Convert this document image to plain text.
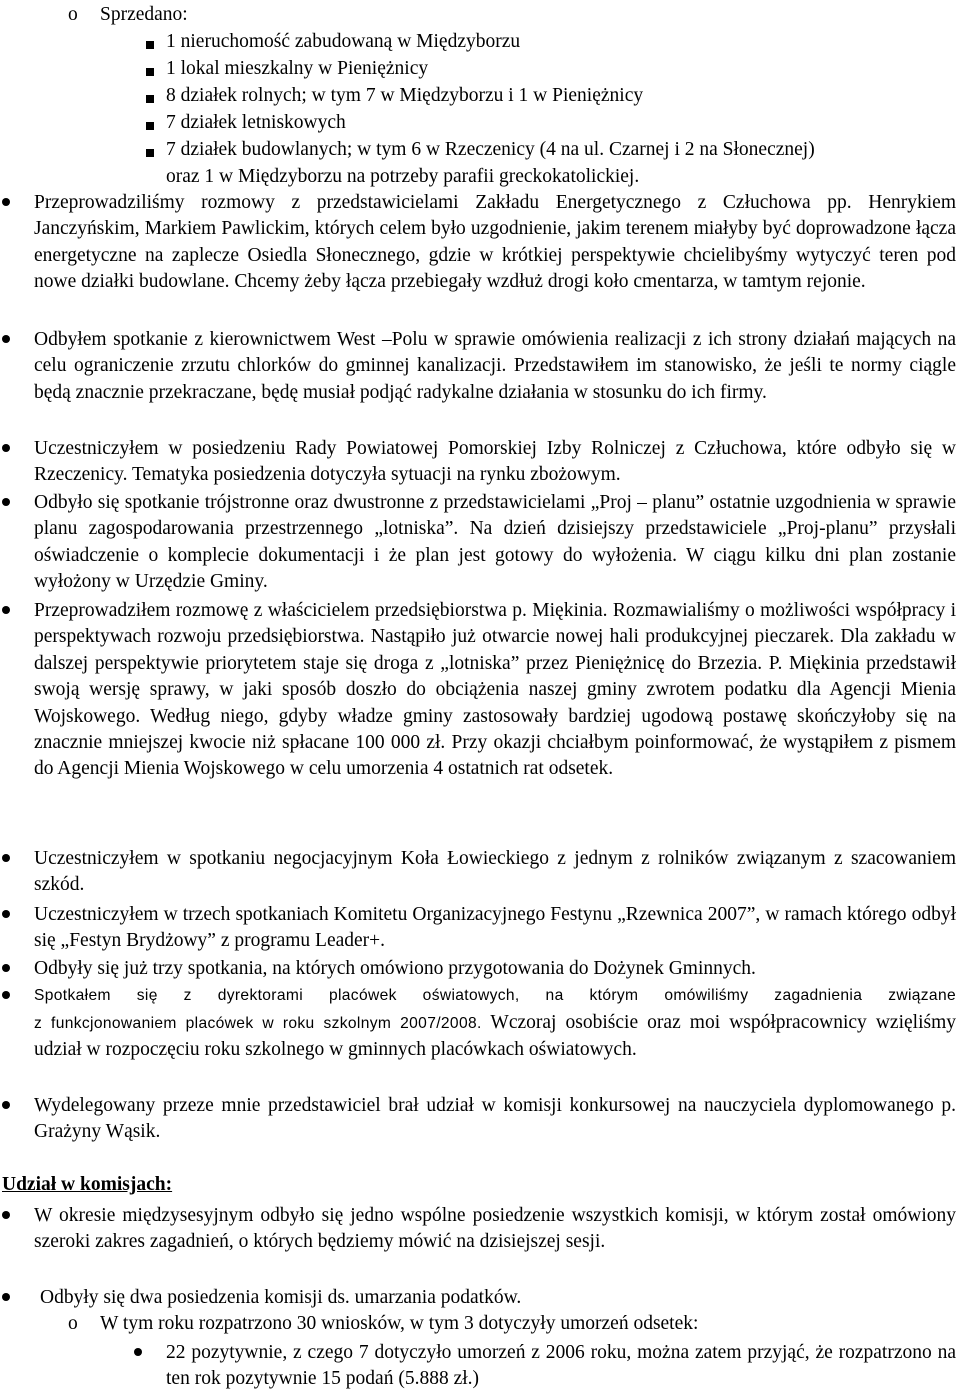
o Sprzedano:
1 nieruchomość zabudowaną w Międzyborzu
1 lokal mieszkalny w Pieniężnicy
8 działek rolnych; w tym 7 w Międzyborzu i 1 w Pieniężnicy
7 działek letniskowych
7 działek budowlanych; w tym 6 w Rzeczenicy (4 na ul. Czarnej i 2 na Słonecznej)
oraz 1 w Międzyborzu na potrzeby parafii greckokatolickiej.

Przeprowadziliśmy rozmowy z przedstawicielami Zakładu Energetycznego z Człuchowa pp. Henrykiem Janczyńskim, Markiem Pawlickim, których celem było uzgodnienie, jakim terenem miałyby być doprowadzone łącza energetyczne na zaplecze Osiedla Słonecznego, gdzie w krótkiej perspektywie chcielibyśmy wytyczyć teren pod nowe działki budowlane. Chcemy żeby łącza przebiegały wzdłuż drogi koło cmentarza, w tamtym rejonie.

Odbyłem spotkanie z kierownictwem West –Polu w sprawie omówienia realizacji z ich strony działań mających na celu ograniczenie zrzutu chlorków do gminnej kanalizacji. Przedstawiłem im stanowisko, że jeśli te normy ciągle będą znacznie przekraczane, będę musiał podjąć radykalne działania w stosunku do ich firmy.

Uczestniczyłem w posiedzeniu Rady Powiatowej Pomorskiej Izby Rolniczej z Człuchowa, które odbyło się w Rzeczenicy. Tematyka posiedzenia dotyczyła sytuacji na rynku zbożowym.

Odbyło się spotkanie trójstronne oraz dwustronne z przedstawicielami „Proj – planu” ostatnie uzgodnienia w sprawie planu zagospodarowania przestrzennego „lotniska”. Na dzień dzisiejszy przedstawiciele „Proj-planu” przysłali oświadczenie o komplecie dokumentacji i że plan jest gotowy do wyłożenia. W ciągu kilku dni plan zostanie wyłożony w Urzędzie Gminy.

Przeprowadziłem rozmowę z właścicielem przedsiębiorstwa p. Miękinia. Rozmawialiśmy o możliwości współpracy i perspektywach rozwoju przedsiębiorstwa. Nastąpiło już otwarcie nowej hali produkcyjnej pieczarek. Dla zakładu w dalszej perspektywie priorytetem staje się droga z „lotniska” przez Pieniężnicę do Brzezia. P. Miękinia przedstawił swoją wersję sprawy, w jaki sposób doszło do obciążenia naszej gminy zwrotem podatku dla Agencji Mienia Wojskowego. Według niego, gdyby władze gminy zastosowały bardziej ugodową postawę skończyłoby się na znacznie mniejszej kwocie niż spłacane 100 000 zł. Przy okazji chciałbym poinformować, że wystąpiłem z pismem do Agencji Mienia Wojskowego w celu umorzenia 4 ostatnich rat odsetek.

Uczestniczyłem w spotkaniu negocjacyjnym Koła Łowieckiego z jednym z rolników związanym z szacowaniem szkód.

Uczestniczyłem w trzech spotkaniach Komitetu Organizacyjnego Festynu „Rzewnica 2007”, w ramach którego odbył się „Festyn Brydżowy” z programu Leader+.

Odbyły się już trzy spotkania, na których omówiono przygotowania do Dożynek Gminnych.

Spotkałem się z dyrektorami placówek oświatowych, na którym omówiliśmy zagadnienia związane

z funkcjonowaniem placówek w roku szkolnym 2007/2008. Wczoraj osobiście oraz moi współpracownicy wzięliśmy udział w rozpoczęciu roku szkolnego w gminnych placówkach oświatowych.

Wydelegowany przeze mnie przedstawiciel brał udział w komisji konkursowej na nauczyciela dyplomowanego p. Grażyny Wąsik.

Udział w komisjach:

W okresie międzysesyjnym odbyło się jedno wspólne posiedzenie wszystkich komisji, w którym został omówiony szeroki zakres zagadnień, o których będziemy mówić na dzisiejszej sesji.

Odbyły się dwa posiedzenia komisji ds. umarzania podatków.

o W tym roku rozpatrzono 30 wniosków, w tym 3 dotyczyły umorzeń odsetek:

22 pozytywnie, z czego 7 dotyczyło umorzeń z 2006 roku, można zatem przyjąć, że rozpatrzono na ten rok pozytywnie 15 podań (5.888 zł.)
